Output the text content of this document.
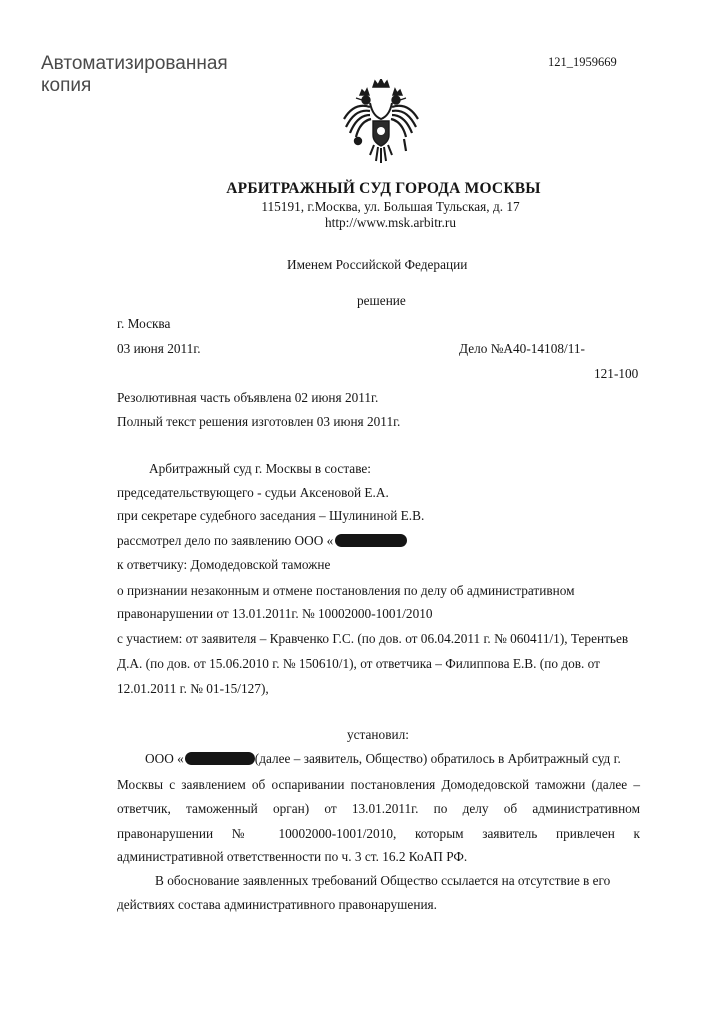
Автоматизированная
копия
121_1959669
АРБИТРАЖНЫЙ СУД ГОРОДА МОСКВЫ
115191, г.Москва, ул. Большая Тульская, д. 17
http://www.msk.arbitr.ru
Именем Российской Федерации
решение
г. Москва
03 июня 2011г.	Дело №А40-14108/11-
121-100
Резолютивная часть объявлена 02 июня 2011г.
Полный текст решения изготовлен 03 июня 2011г.
Арбитражный суд г. Москвы в составе:
председательствующего - судьи Аксеновой Е.А.
при секретаре судебного заседания – Шулининой Е.В.
рассмотрел дело по заявлению ООО «
к ответчику: Домодедовской таможне
о признании незаконным и отмене постановления по делу об административном
правонарушении от 13.01.2011г. № 10002000-1001/2010
с участием: от заявителя – Кравченко Г.С. (по дов. от 06.04.2011 г. № 060411/1), Терентьев
Д.А. (по дов. от 15.06.2010 г. № 150610/1), от ответчика – Филиппова Е.В. (по дов. от
12.01.2011 г. № 01-15/127),
установил:
ООО «	(далее – заявитель, Общество) обратилось в Арбитражный суд г.
Москвы с заявлением об оспаривании постановления Домодедовской таможни (далее –
ответчик, таможенный орган) от 13.01.2011г. по делу об административном
правонарушении № 10002000-1001/2010, которым заявитель привлечен к
административной ответственности по ч. 3 ст. 16.2 КоАП РФ.
В обоснование заявленных требований Общество ссылается на отсутствие в его
действиях состава административного правонарушения.
